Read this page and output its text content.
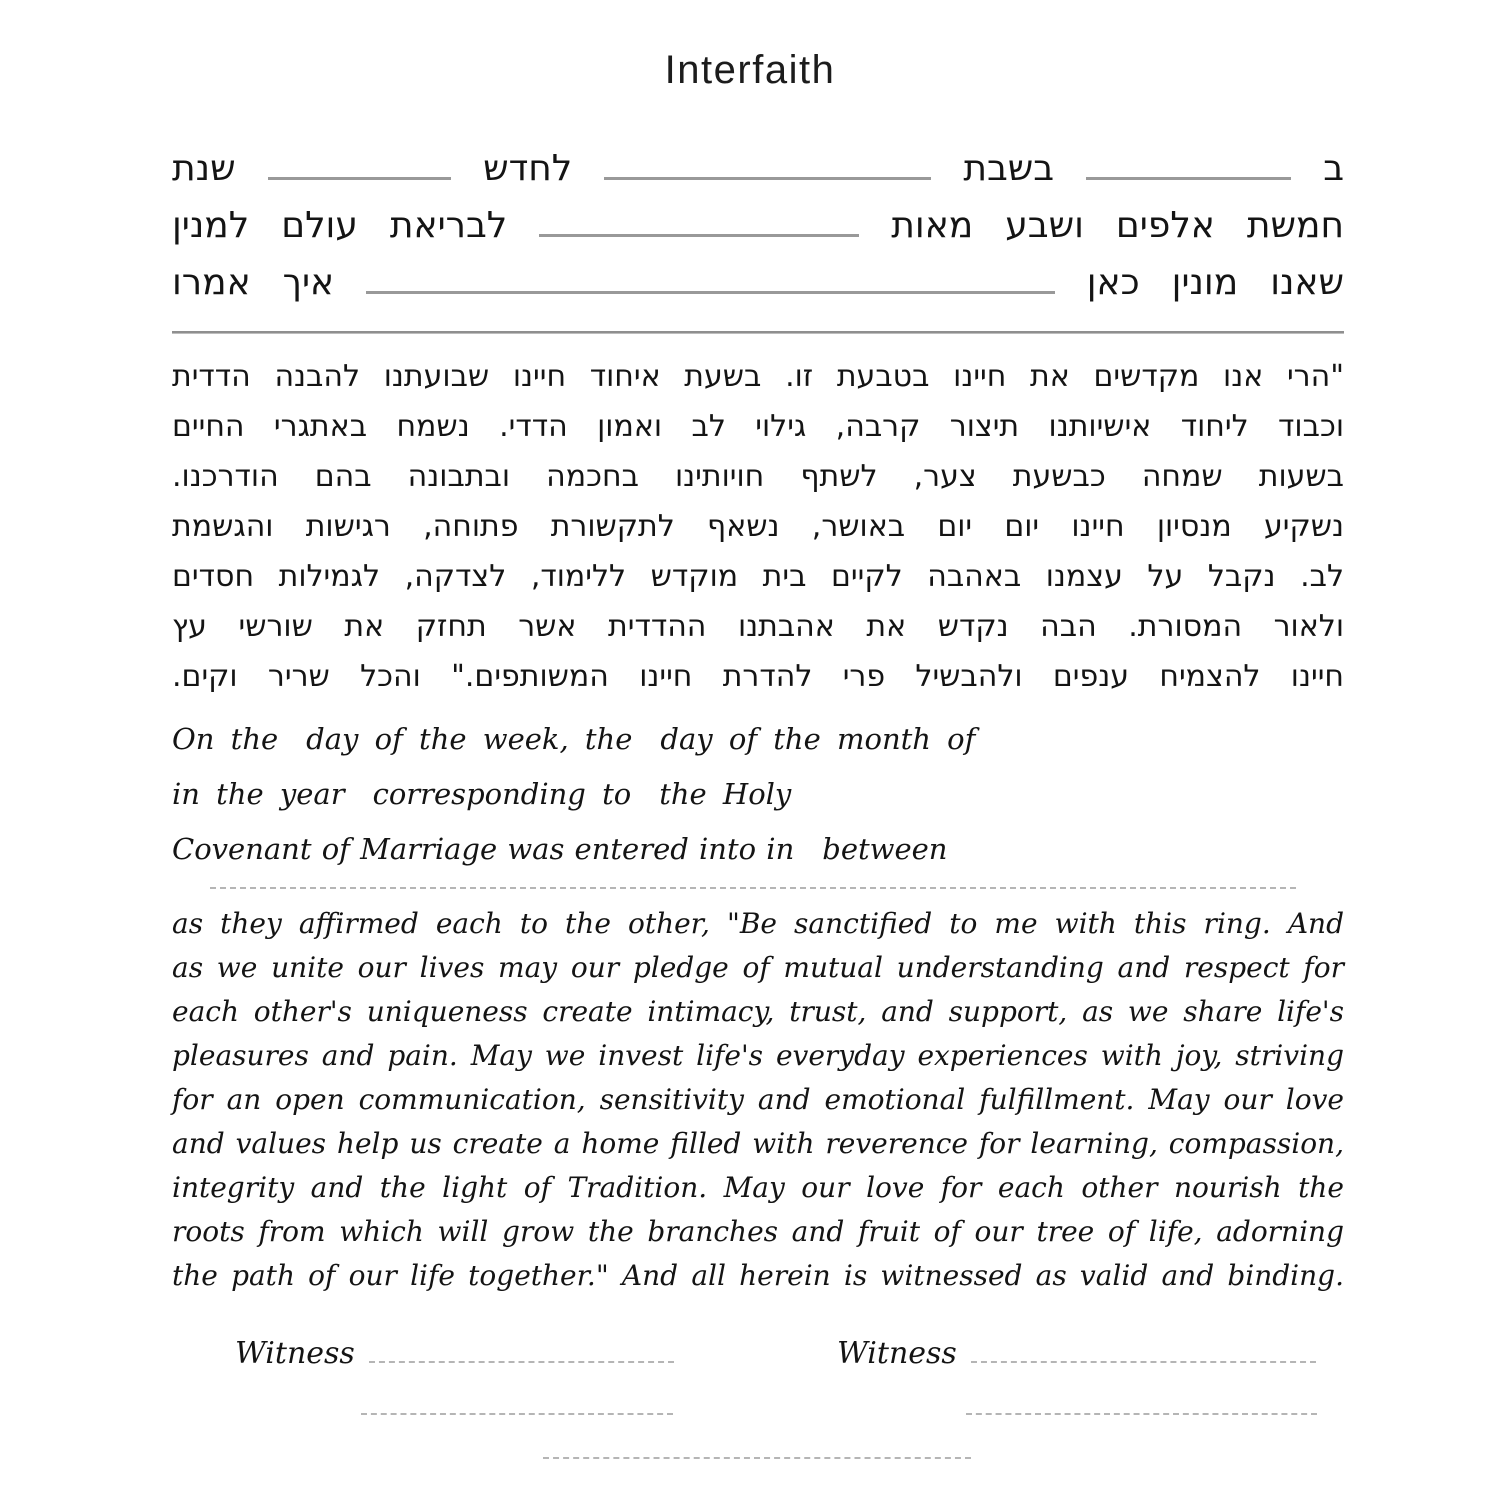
Interfaith
ב
בשבת
לחדש
שנת
חמשת
אלפים
ושבע
מאות
לבריאת
עולם
למנין
שאנו
מונין
כאן
איך
אמרו
"הרי אנו מקדשים את חיינו בטבעת זו. בשעת איחוד חיינו שבועתנו להבנה הדדית
וכבוד ליחוד אישיותנו תיצור קרבה, גילוי לב ואמון הדדי. נשמח באתגרי החיים
בשעות שמחה כבשעת צער, לשתף חויותינו בחכמה ובתבונה בהם הודרכנו.
נשקיע מנסיון חיינו יום יום באושר, נשאף לתקשורת פתוחה, רגישות והגשמת
לב. נקבל על עצמנו באהבה לקיים בית מוקדש ללימוד, לצדקה, לגמילות חסדים
ולאור המסורת. הבה נקדש את אהבתנו ההדדית אשר תחזק את שורשי עץ
חיינו להצמיח ענפים ולהבשיל פרי להדרת חיינו המשותפים." והכל שריר וקים.
On the day of the week, the day of the month of
in the year corresponding to the Holy
Covenant of Marriage was entered into in between
as they affirmed each to the other, "Be sanctified to me with this ring. And
as we unite our lives may our pledge of mutual understanding and respect for
each other's uniqueness create intimacy, trust, and support, as we share life's
pleasures and pain. May we invest life's everyday experiences with joy, striving
for an open communication, sensitivity and emotional fulfillment. May our love
and values help us create a home filled with reverence for learning, compassion,
integrity and the light of Tradition. May our love for each other nourish the
roots from which will grow the branches and fruit of our tree of life, adorning
the path of our life together." And all herein is witnessed as valid and binding.
Witness	Witness
